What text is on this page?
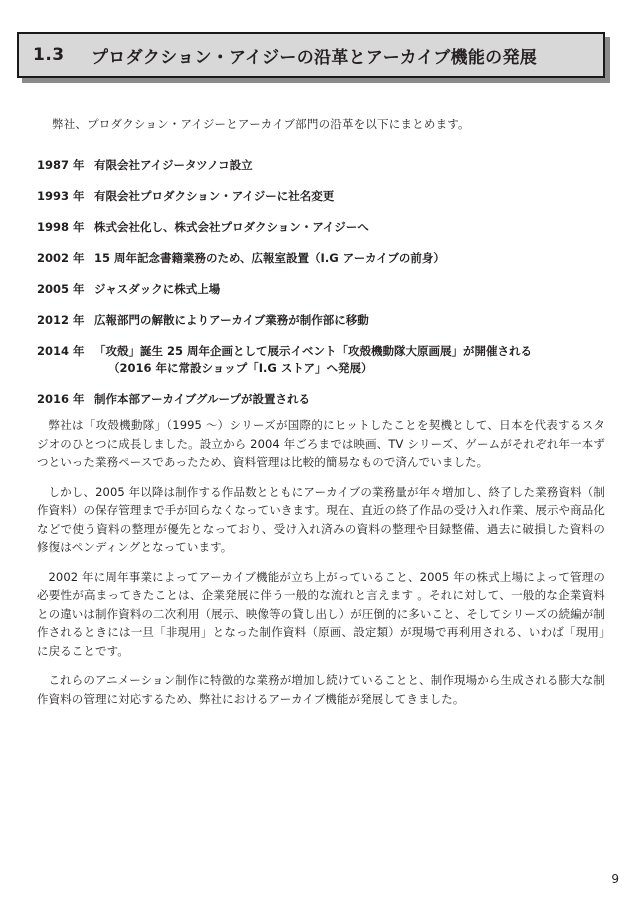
1.3	プロダクション・アイジーの沿革とアーカイブ機能の発展
弊社、プロダクション・アイジーとアーカイブ部門の沿革を以下にまとめます。
1987 年 有限会社アイジータツノコ設立
1993 年 有限会社プロダクション・アイジーに社名変更
1998 年 株式会社化し、株式会社プロダクション・アイジーへ
2002 年 15 周年記念書籍業務のため、広報室設置（I.G アーカイブの前身）
2005 年 ジャスダックに株式上場
2012 年 広報部門の解散によりアーカイブ業務が制作部に移動
2014 年 「攻殻」誕生 25 周年企画として展示イベント「攻殻機動隊大原画展」が開催される
（2016 年に常設ショップ「I.G ストア」へ発展）
2016 年 制作本部アーカイブグループが設置される

弊社は「攻殻機動隊」（1995 〜）シリーズが国際的にヒットしたことを契機として、日本を代表するスタジオのひとつに成長しました。設立から 2004 年ごろまでは映画、TV シリーズ、ゲームがそれぞれ年一本ずつといった業務ペースであったため、資料管理は比較的簡易なもので済んでいました。

しかし、2005 年以降は制作する作品数とともにアーカイブの業務量が年々増加し、終了した業務資料（制作資料）の保存管理まで手が回らなくなっていきます。現在、直近の終了作品の受け入れ作業、展示や商品化などで使う資料の整理が優先となっており、受け入れ済みの資料の整理や目録整備、過去に破損した資料の修復はペンディングとなっています。

2002 年に周年事業によってアーカイブ機能が立ち上がっていること、2005 年の株式上場によって管理の必要性が高まってきたことは、企業発展に伴う一般的な流れと言えます 。それに対して、一般的な企業資料との違いは制作資料の二次利用（展示、映像等の貸し出し）が圧倒的に多いこと、そしてシリーズの続編が制作されるときには一旦「非現用」となった制作資料（原画、設定類）が現場で再利用される、いわば「現用」に戻ることです。

これらのアニメーション制作に特徴的な業務が増加し続けていることと、制作現場から生成される膨大な制作資料の管理に対応するため、弊社におけるアーカイブ機能が発展してきました。

9
